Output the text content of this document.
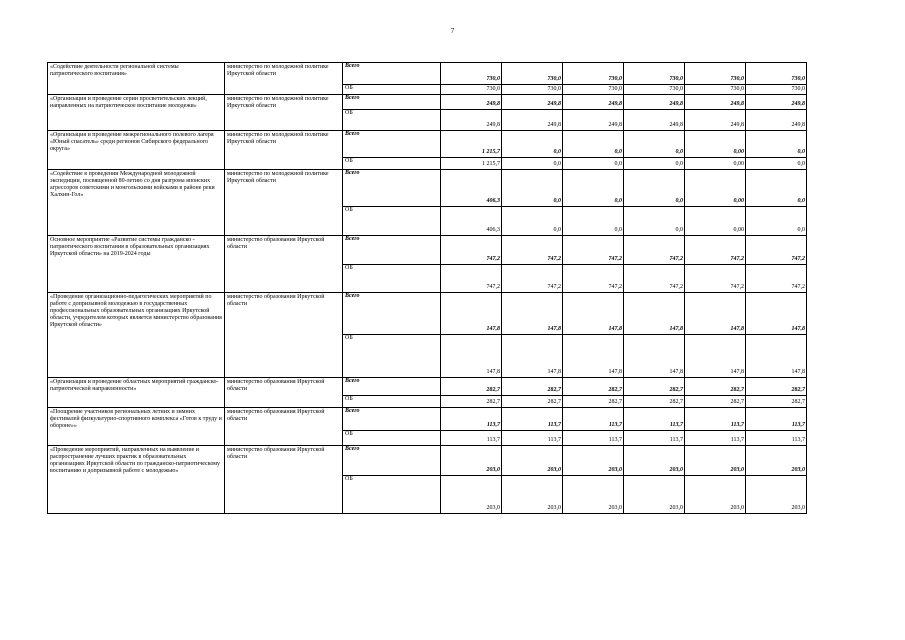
7
«Содействие деятельности региональной системы патриотического воспитания»	министерство по молодежной политике Иркутской области	Всего	730,0	730,0	730,0	730,0	730,0	730,0
		ОБ	730,0	730,0	730,0	730,0	730,0	730,0
«Организация и проведение серии просветительских лекций, направленных на патриотическое воспитание молодежи»	министерство по молодежной политике Иркутской области	Всего	249,8	249,8	249,8	249,8	249,8	249,8
		ОБ	249,8	249,8	249,8	249,8	249,8	249,8
«Организация и проведение межрегионального полевого лагеря «Юный спасатель» среди регионов Сибирского федерального округа»	министерство по молодежной политике Иркутской области	Всего	1 215,7	0,0	0,0	0,0	0,00	0,0
		ОБ	1 215,7	0,0	0,0	0,0	0,00	0,0
«Содействие в проведении Международной молодежной экспедиции, посвященной 80-летию со дня разгрома японских агрессоров советскими и монгольскими войсками в районе реки Халхин-Гол»	министерство по молодежной политике Иркутской области	Всего	406,3	0,0	0,0	0,0	0,00	0,0
		ОБ	406,3	0,0	0,0	0,0	0,00	0,0
Основное мероприятие «Развитие системы гражданско - патриотического воспитания в образовательных организациях Иркутской области» на 2019-2024 годы	министерство образования Иркутской области	Всего	747,2	747,2	747,2	747,2	747,2	747,2
		ОБ	747,2	747,2	747,2	747,2	747,2	747,2
«Проведение организационно-педагогических мероприятий по работе с допризывной молодежью в государственных профессиональных образовательных организациях Иркутской области, учредителем которых является министерство образования Иркутской области»	министерство образования Иркутской области	Всего	147,8	147,8	147,8	147,8	147,8	147,8
		ОБ	147,8	147,8	147,8	147,8	147,8	147,8
«Организация и проведение областных мероприятий гражданско-патриотической направленности»	министерство образования Иркутской области	Всего	282,7	282,7	282,7	282,7	282,7	282,7
		ОБ	282,7	282,7	282,7	282,7	282,7	282,7
«Поощрение участников региональных летних и зимних фестивалей физкультурно-спортивного комплекса «Готов к труду и обороне»»	министерство образования Иркутской области	Всего	113,7	113,7	113,7	113,7	113,7	113,7
		ОБ	113,7	113,7	113,7	113,7	113,7	113,7
«Проведение мероприятий, направленных на выявление и распространение лучших практик в образовательных организациях Иркутской области по гражданско-патриотическому воспитанию и допризывной работе с молодежью»	министерство образования Иркутской области	Всего	203,0	203,0	203,0	203,0	203,0	203,0
		ОБ	203,0	203,0	203,0	203,0	203,0	203,0
